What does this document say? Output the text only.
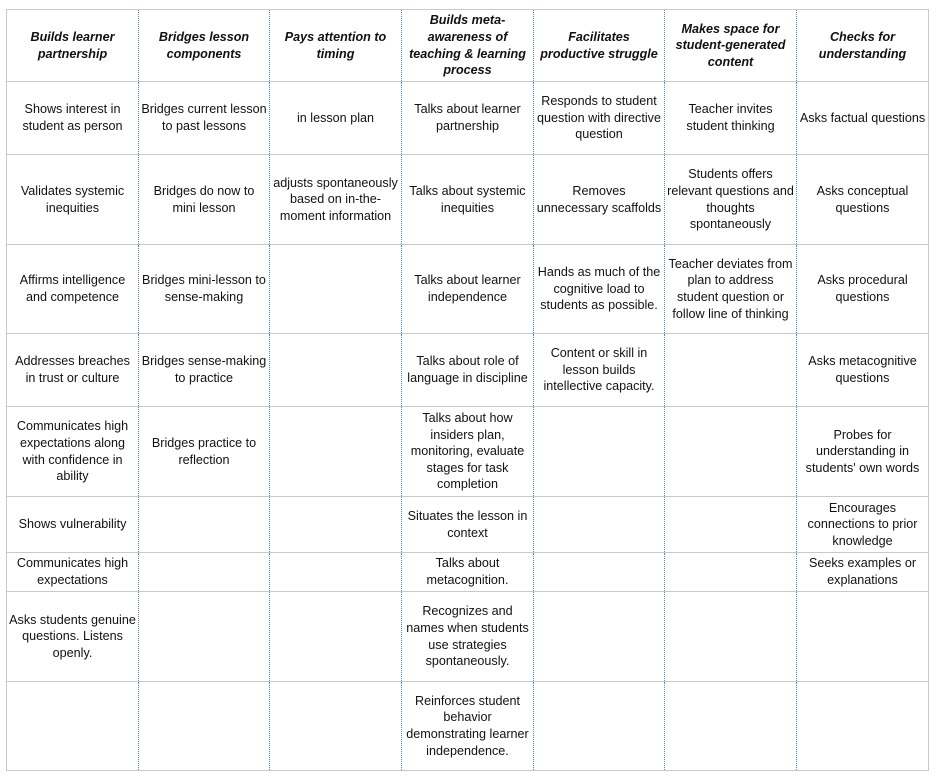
Builds learner partnership	Bridges lesson components	Pays attention to timing	Builds meta-awareness of teaching & learning process	Facilitates productive struggle	Makes space for student-generated content	Checks for understanding
Shows interest in student as person	Bridges current lesson to past lessons	in lesson plan	Talks about learner partnership	Responds to student question with directive question	Teacher invites student thinking	Asks factual questions
Validates systemic inequities	Bridges do now to mini lesson	adjusts spontaneously based on in-the-moment information	Talks about systemic inequities	Removes unnecessary scaffolds	Students offers relevant questions and thoughts spontaneously	Asks conceptual questions
Affirms intelligence and competence	Bridges mini-lesson to sense-making		Talks about learner independence	Hands as much of the cognitive load to students as possible.	Teacher deviates from plan to address student question or follow line of thinking	Asks procedural questions
Addresses breaches in trust or culture	Bridges sense-making to practice		Talks about role of language in discipline	Content or skill in lesson builds intellective capacity.		Asks metacognitive questions
Communicates high expectations along with confidence in ability	Bridges practice to reflection		Talks about how insiders plan, monitoring, evaluate stages for task completion			Probes for understanding in students' own words
Shows vulnerability			Situates the lesson in context			Encourages connections to prior knowledge
Communicates high expectations			Talks about metacognition.			Seeks examples or explanations
Asks students genuine questions. Listens openly.			Recognizes and names when students use strategies spontaneously.			
			Reinforces student behavior demonstrating learner independence.			
